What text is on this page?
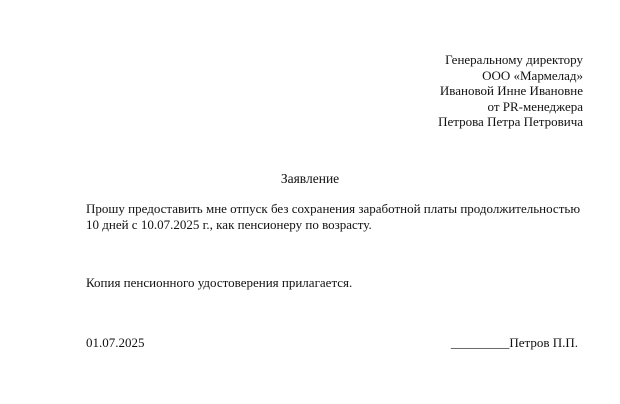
Генеральному директору
ООО «Мармелад»
Ивановой Инне Ивановне
от PR-менеджера
Петрова Петра Петровича
Заявление
Прошу предоставить мне отпуск без сохранения заработной платы продолжительностью
10 дней с 10.07.2025 г., как пенсионеру по возрасту.
Копия пенсионного удостоверения прилагается.
01.07.2025	_________Петров П.П.
